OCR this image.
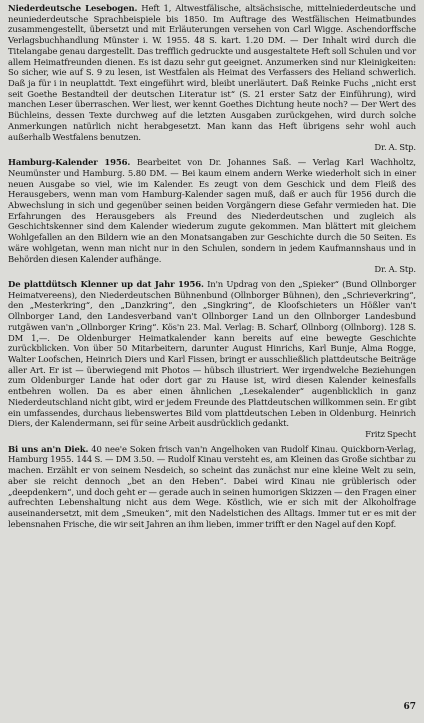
Niederdeutsche Lesebogen. Heft 1, Altwestfälische, altsächsische, mittelniederdeutsche und neuniederdeutsche Sprachbeispiele bis 1850. Im Auftrage des Westfälischen Heimatbundes zusammengestellt, übersetzt und mit Erläuterungen versehen von Carl Wigge. Aschendorffsche Verlagsbuchhandlung Münster i. W. 1955. 48 S. kart. 1.20 DM. — Der Inhalt wird durch die Titelangabe genau dargestellt. Das trefflich gedruckte und ausgestaltete Heft soll Schulen und vor allem Heimatfreunden dienen. Es ist dazu sehr gut geeignet. Anzumerken sind nur Kleinigkeiten: So sicher, wie auf S. 9 zu lesen, ist Westfalen als Heimat des Verfassers des Heliand schwerlich. Daß ja für i in neuplattdt. Text eingeführt wird, bleibt unerläutert. Daß Reinke Fuchs „nicht erst seit Goethe Bestandteil der deutschen Literatur ist“ (S. 21 erster Satz der Einführung), wird manchen Leser überraschen. Wer liest, wer kennt Goethes Dichtung heute noch? — Der Wert des Büchleins, dessen Texte durchweg auf die letzten Ausgaben zurückgehen, wird durch solche Anmerkungen natürlich nicht herabgesetzt. Man kann das Heft übrigens sehr wohl auch außerhalb Westfalens benutzen.

Dr. A. Stp.

Hamburg-Kalender 1956. Bearbeitet von Dr. Johannes Saß. — Verlag Karl Wachholtz, Neumünster und Hamburg. 5.80 DM. — Bei kaum einem andern Werke wiederholt sich in einer neuen Ausgabe so viel, wie im Kalender. Es zeugt von dem Geschick und dem Fleiß des Herausgebers, wenn man vom Hamburg-Kalender sagen muß, daß er auch für 1956 durch die Abwechslung in sich und gegenüber seinen beiden Vorgängern diese Gefahr vermieden hat. Die Erfahrungen des Herausgebers als Freund des Niederdeutschen und zugleich als Geschichtskenner sind dem Kalender wiederum zugute gekommen. Man blättert mit gleichem Wohlgefallen an den Bildern wie an den Monatsangaben zur Geschichte durch die 50 Seiten. Es wäre wohlgetan, wenn man nicht nur in den Schulen, sondern in jedem Kaufmannshaus und in Behörden diesen Kalender aufhänge.

Dr. A. Stp.

De plattdütsch Klenner up dat Jahr 1956. In'n Updrag von den „Spieker“ (Bund Ollnborger Heimatvereens), den Niederdeutschen Bühnenbund (Ollnborger Bühnen), den „Schrieverkring“, den „Mesterkring“, den „Danzkring“, den „Singkring“, de Kloofschieters un Hößler van't Ollnborger Land, den Landesverband van't Ollnborger Land un den Ollnborger Landesbund rutgäwen van'n „Ollnborger Kring“. Kös'n 23. Mal. Verlag: B. Scharf, Ollnborg (Ollnborg). 128 S. DM 1,—. De Oldenburger Heimatkalender kann bereits auf eine bewegte Geschichte zurückblicken. Von über 50 Mitarbeitern, darunter August Hinrichs, Karl Bunje, Alma Rogge, Walter Loofschen, Heinrich Diers und Karl Fissen, bringt er ausschließlich plattdeutsche Beiträge aller Art. Er ist — überwiegend mit Photos — hübsch illustriert. Wer irgendwelche Beziehungen zum Oldenburger Lande hat oder dort gar zu Hause ist, wird diesen Kalender keinesfalls entbehren wollen. Da es aber einen ähnlichen „Lesekalender“ augenblicklich in ganz Niederdeutschland nicht gibt, wird er jedem Freunde des Plattdeutschen willkommen sein. Er gibt ein umfassendes, durchaus liebenswertes Bild vom plattdeutschen Leben in Oldenburg. Heinrich Diers, der Kalendermann, sei für seine Arbeit ausdrücklich gedankt.

Fritz Specht

Bi uns an'n Diek. 40 nee'e Soken frisch van'n Angelhoken van Rudolf Kinau. Quickborn-Verlag, Hamburg 1955. 144 S. — DM 3.50. — Rudolf Kinau versteht es, am Kleinen das Große sichtbar zu machen. Erzählt er von seinem Nesdeich, so scheint das zunächst nur eine kleine Welt zu sein, aber sie reicht dennoch „bet an den Heben“. Dabei wird Kinau nie grüblerisch oder „deepdenkern“, und doch geht er — gerade auch in seinen humorigen Skizzen — den Fragen einer aufrechten Lebenshaltung nicht aus dem Wege. Köstlich, wie er sich mit der Alkoholfrage auseinandersetzt, mit dem „Smeuken“, mit den Nadelstichen des Alltags. Immer tut er es mit der lebensnahen Frische, die wir seit Jahren an ihm lieben, immer trifft er den Nagel auf den Kopf.

67
